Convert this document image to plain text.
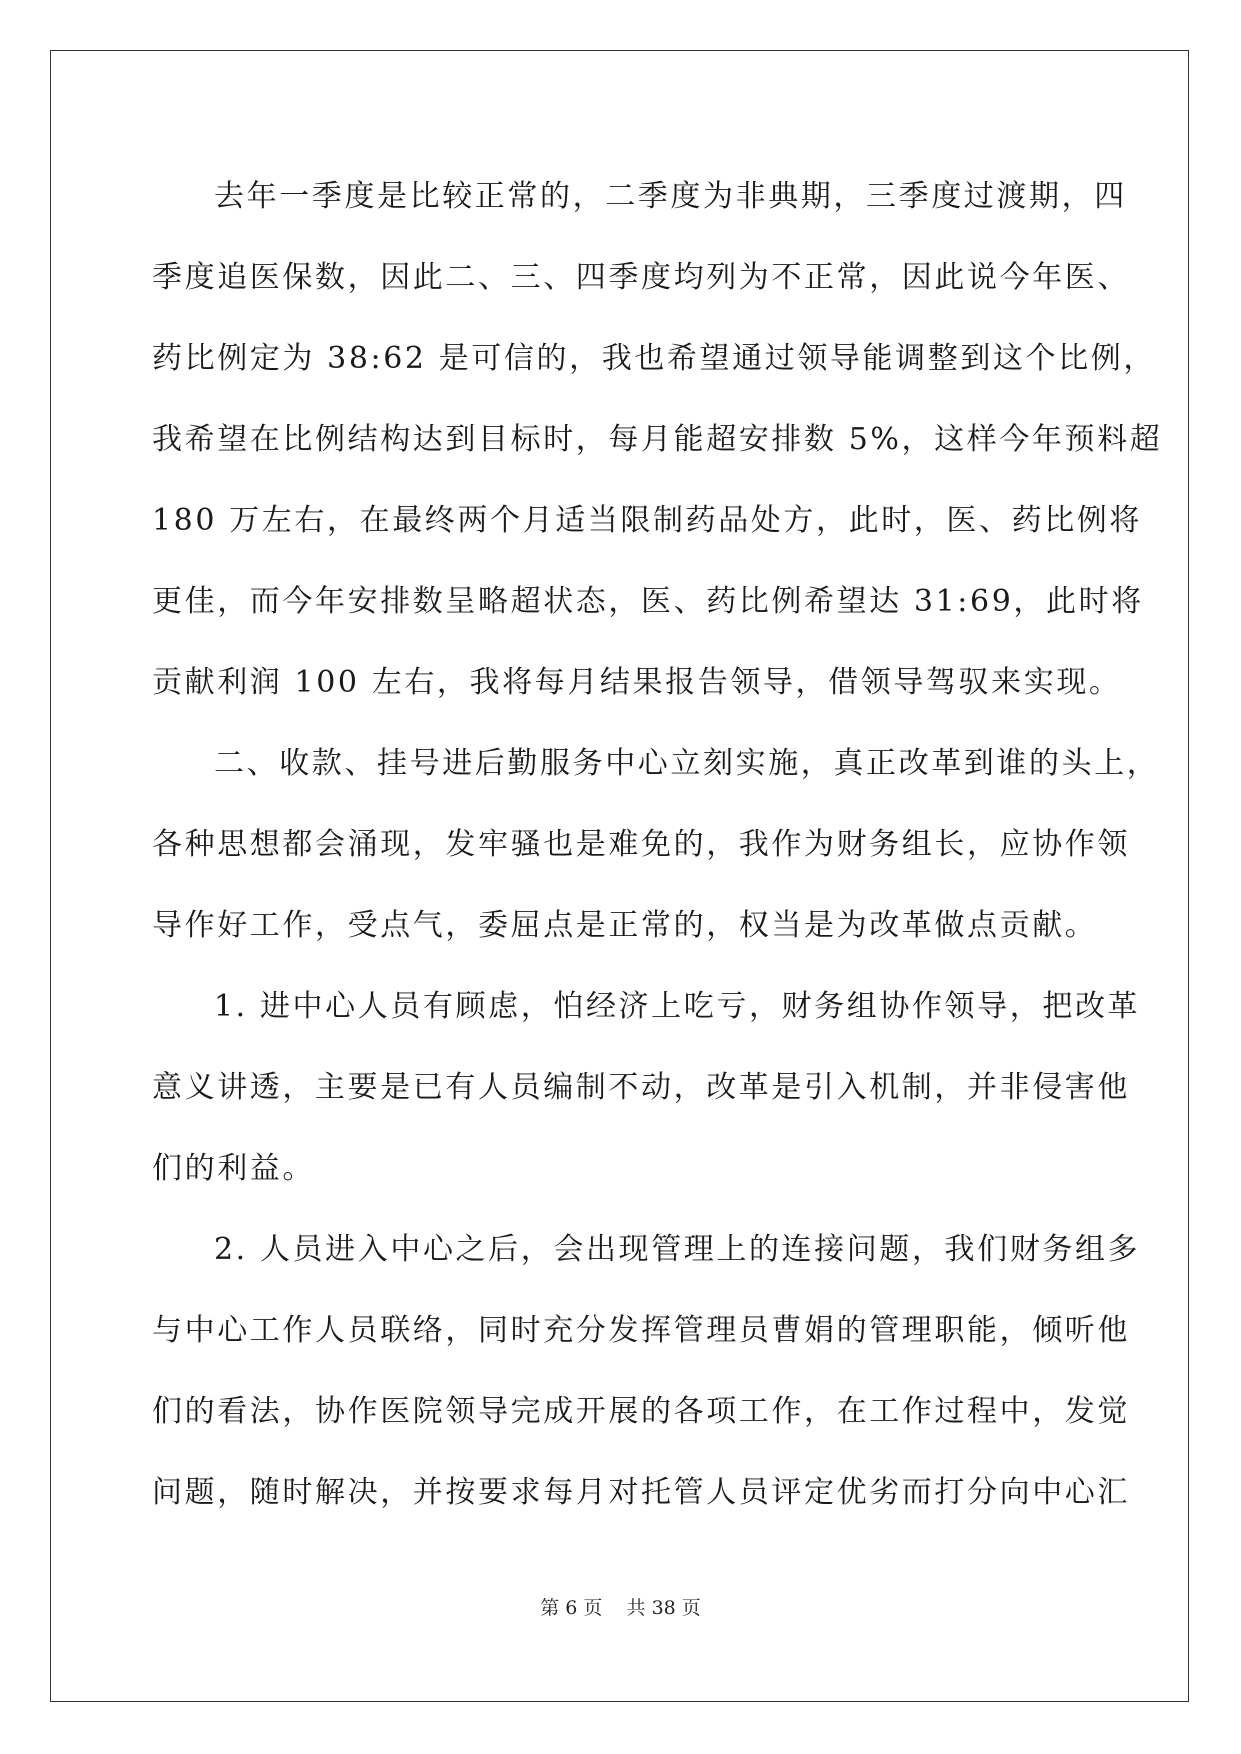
去年一季度是比较正常的，二季度为非典期，三季度过渡期，四
季度追医保数，因此二、三、四季度均列为不正常，因此说今年医、
药比例定为 38:62 是可信的，我也希望通过领导能调整到这个比例，
我希望在比例结构达到目标时，每月能超安排数 5%，这样今年预料超
180 万左右，在最终两个月适当限制药品处方，此时，医、药比例将
更佳，而今年安排数呈略超状态，医、药比例希望达 31:69，此时将
贡献利润 100 左右，我将每月结果报告领导，借领导驾驭来实现。
二、收款、挂号进后勤服务中心立刻实施，真正改革到谁的头上，
各种思想都会涌现，发牢骚也是难免的，我作为财务组长，应协作领
导作好工作，受点气，委屈点是正常的，权当是为改革做点贡献。
1. 进中心人员有顾虑，怕经济上吃亏，财务组协作领导，把改革
意义讲透，主要是已有人员编制不动，改革是引入机制，并非侵害他
们的利益。
2. 人员进入中心之后，会出现管理上的连接问题，我们财务组多
与中心工作人员联络，同时充分发挥管理员曹娟的管理职能，倾听他
们的看法，协作医院领导完成开展的各项工作，在工作过程中，发觉
问题，随时解决，并按要求每月对托管人员评定优劣而打分向中心汇
第 6 页    共 38 页
